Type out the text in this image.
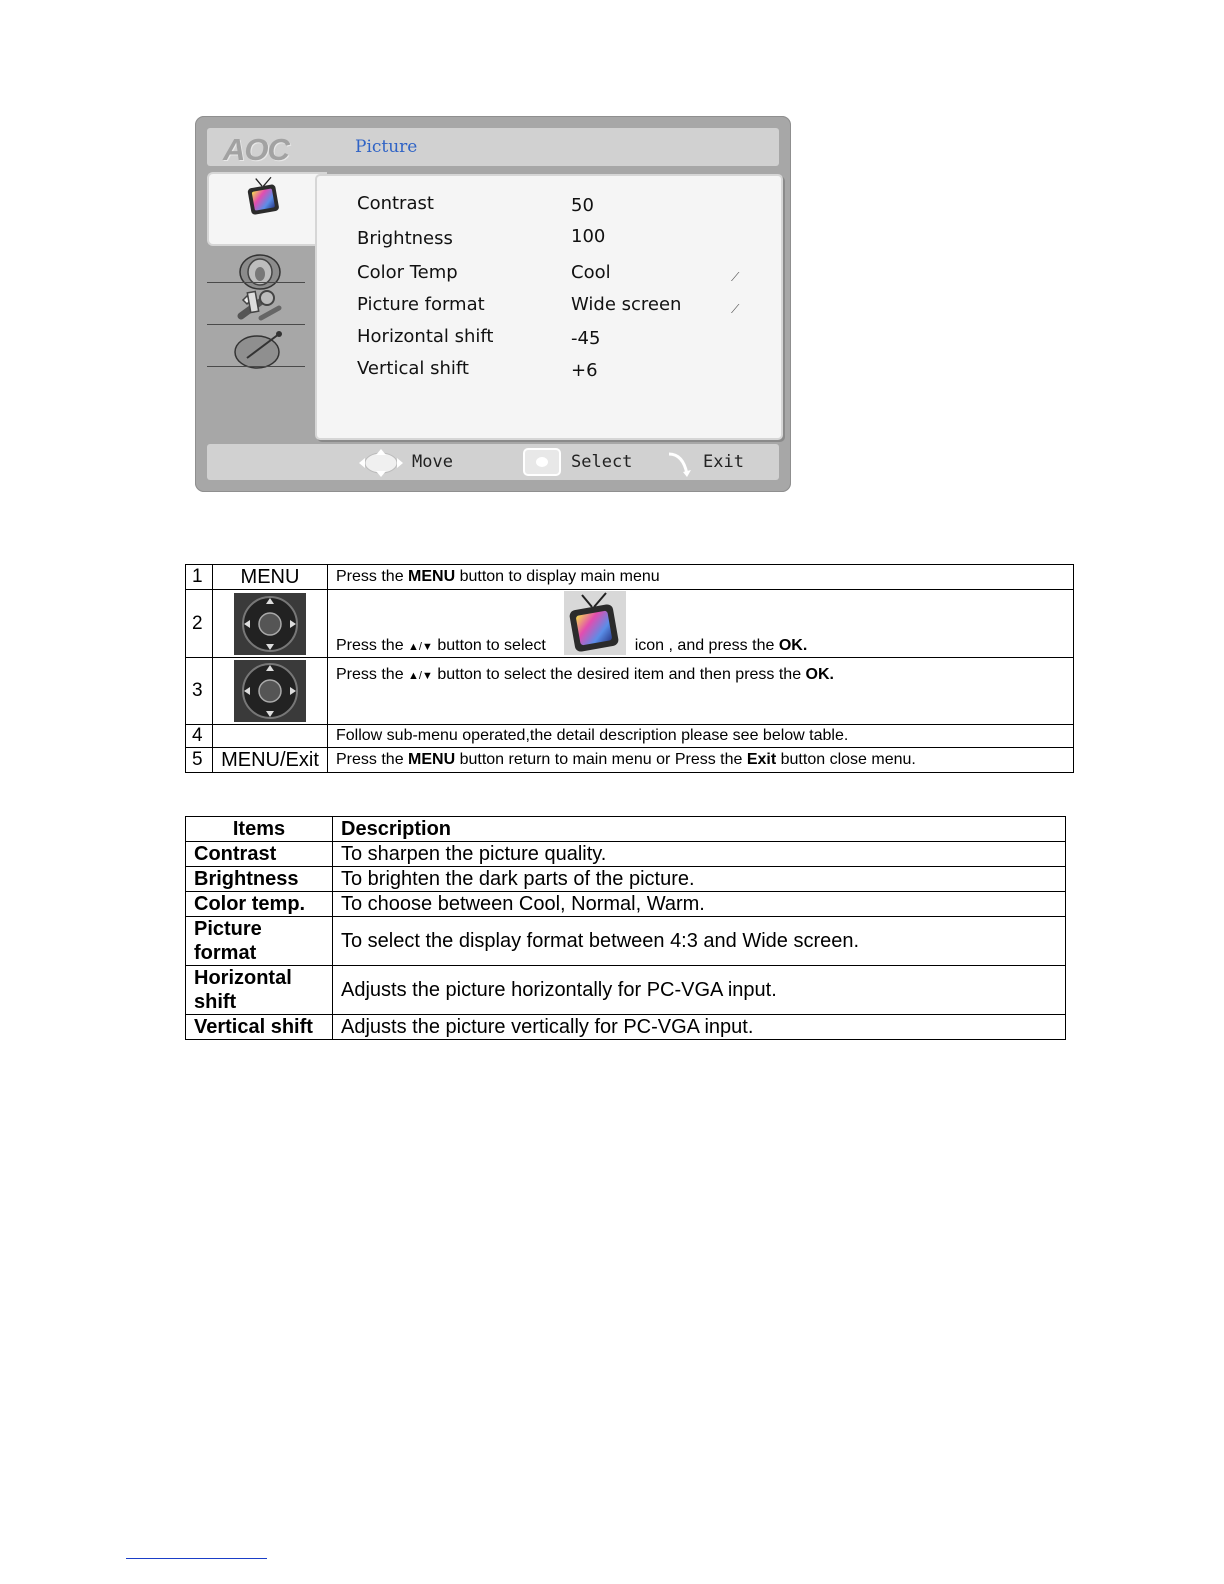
AOC	Picture
Contrast	50
Brightness	100
Color Temp	Cool	⟋
Picture format	Wide screen	⟋
Horizontal shift	-45
Vertical shift	+6
Move	Select	Exit
1	MENU	Press the MENU button to display main menu
2		Press the ▲/▼ button to select icon , and press the OK.
3		Press the ▲/▼ button to select the desired item and then press the OK.
4		Follow sub-menu operated,the detail description please see below table.
5	MENU/Exit	Press the MENU button return to main menu or Press the Exit button close menu.
Items	Description
Contrast	To sharpen the picture quality.
Brightness	To brighten the dark parts of the picture.
Color temp.	To choose between Cool, Normal, Warm.
Picture format	To select the display format between 4:3 and Wide screen.
Horizontal shift	Adjusts the picture horizontally for PC-VGA input.
Vertical shift	Adjusts the picture vertically for PC-VGA input.
